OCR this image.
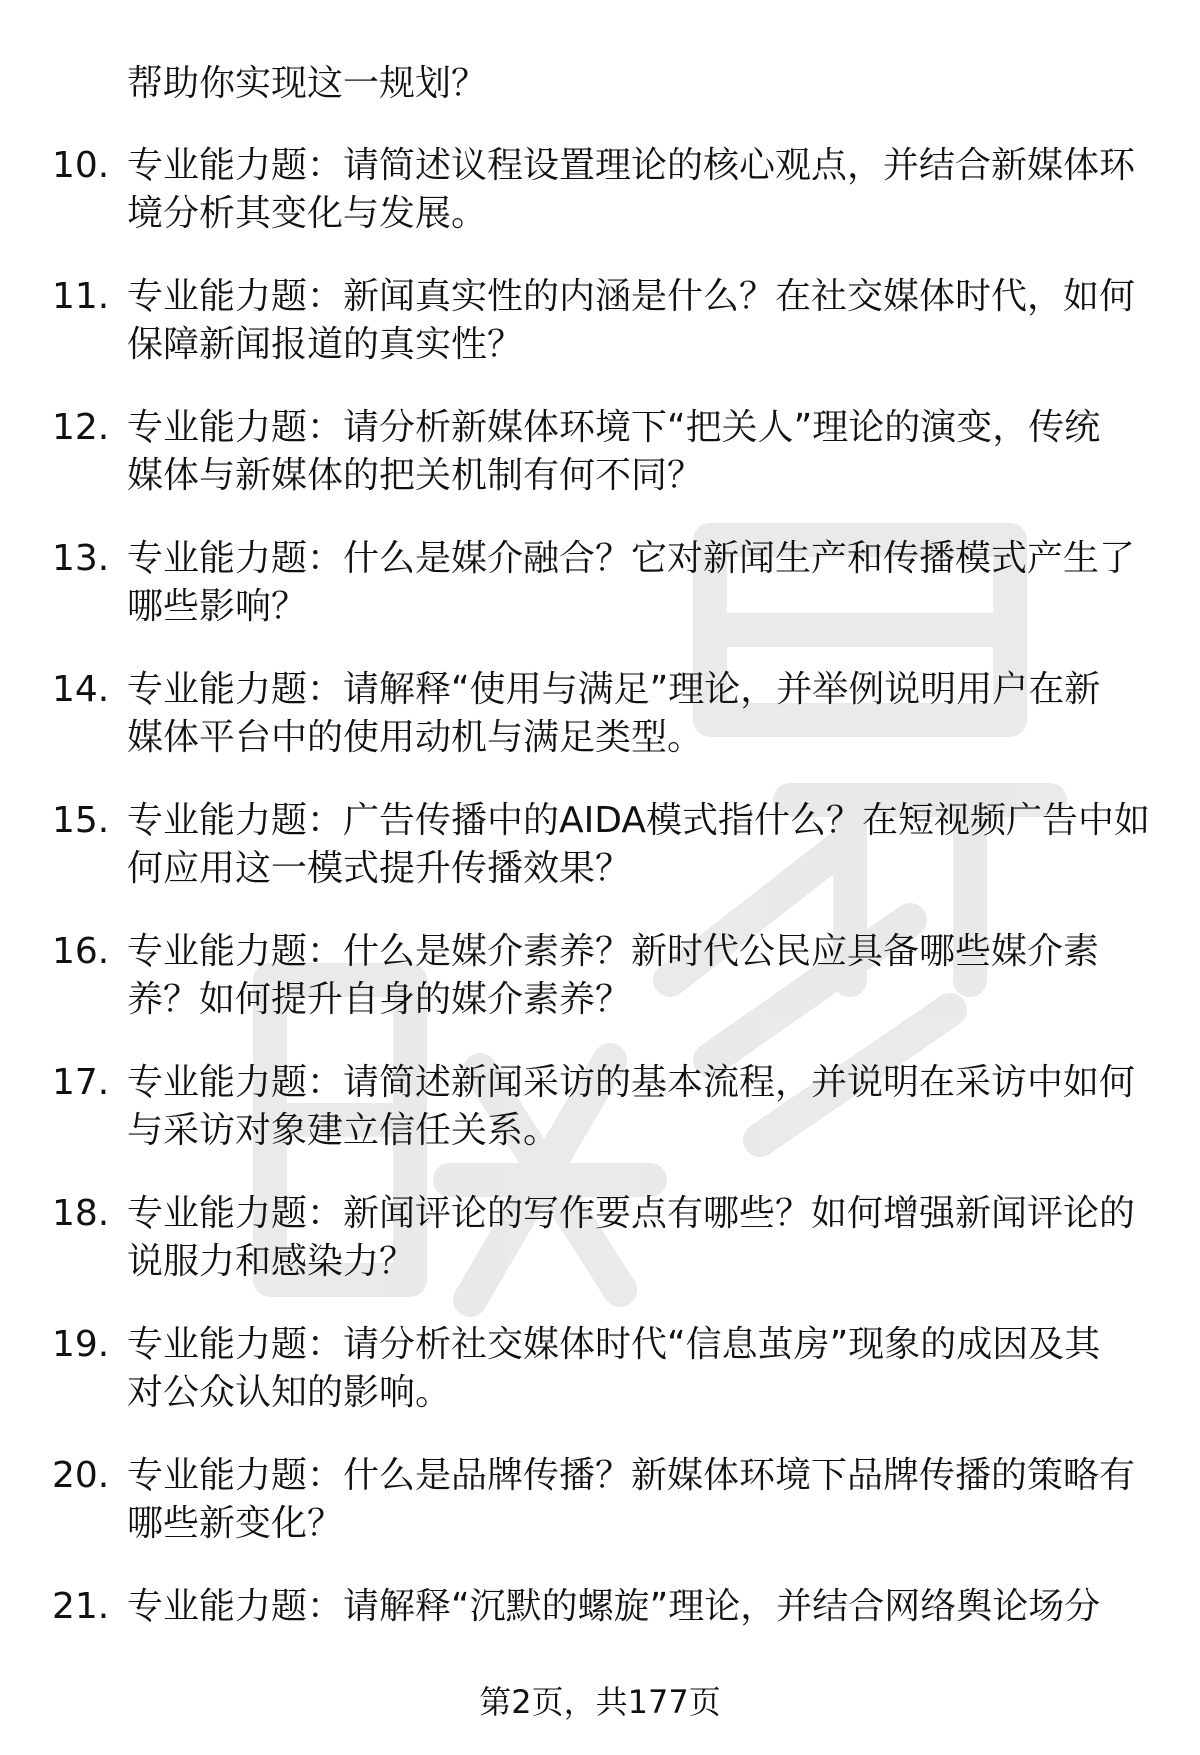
帮助你实现这一规划？
10. 专业能力题：请简述议程设置理论的核心观点，并结合新媒体环
境分析其变化与发展。
11. 专业能力题：新闻真实性的内涵是什么？在社交媒体时代，如何
保障新闻报道的真实性？
12. 专业能力题：请分析新媒体环境下“把关人”理论的演变，传统
媒体与新媒体的把关机制有何不同？
13. 专业能力题：什么是媒介融合？它对新闻生产和传播模式产生了
哪些影响？
14. 专业能力题：请解释“使用与满足”理论，并举例说明用户在新
媒体平台中的使用动机与满足类型。
15. 专业能力题：广告传播中的AIDA模式指什么？在短视频广告中如
何应用这一模式提升传播效果？
16. 专业能力题：什么是媒介素养？新时代公民应具备哪些媒介素
养？如何提升自身的媒介素养？
17. 专业能力题：请简述新闻采访的基本流程，并说明在采访中如何
与采访对象建立信任关系。
18. 专业能力题：新闻评论的写作要点有哪些？如何增强新闻评论的
说服力和感染力？
19. 专业能力题：请分析社交媒体时代“信息茧房”现象的成因及其
对公众认知的影响。
20. 专业能力题：什么是品牌传播？新媒体环境下品牌传播的策略有
哪些新变化？
21. 专业能力题：请解释“沉默的螺旋”理论，并结合网络舆论场分
第2页，共177页
